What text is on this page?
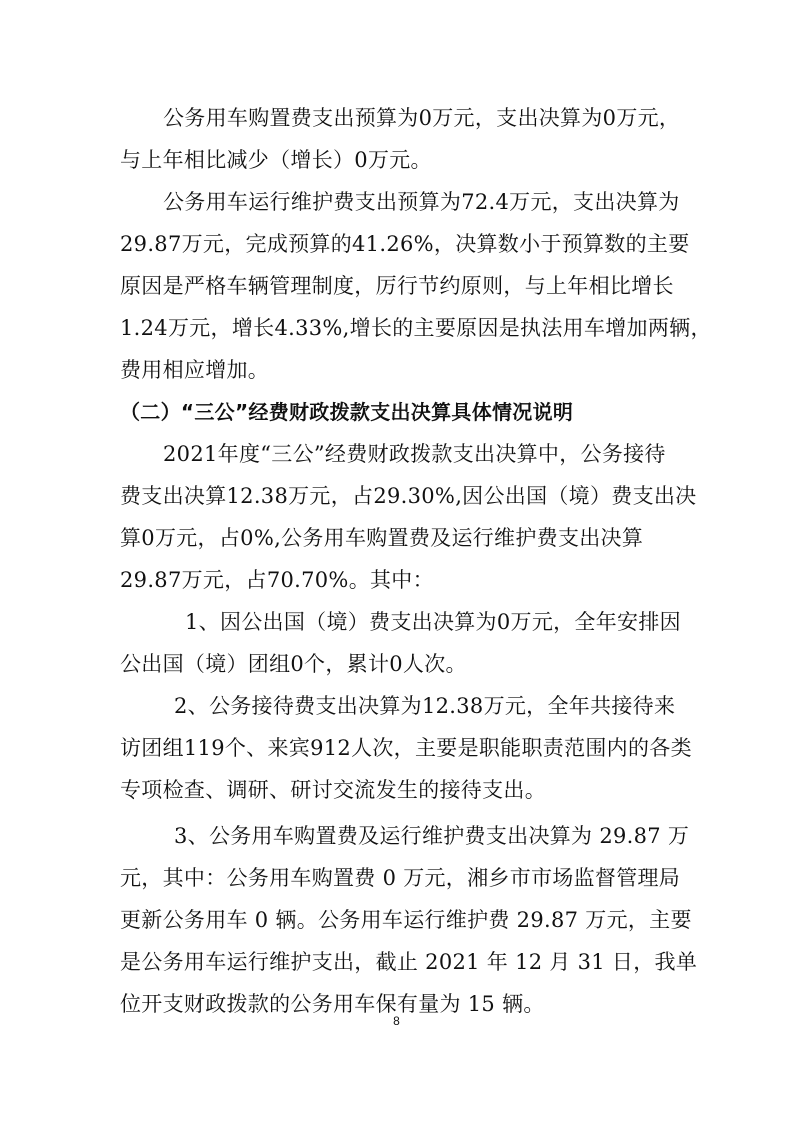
公务用车购置费支出预算为0万元，支出决算为0万元，
与上年相比减少（增长）0万元。
公务用车运行维护费支出预算为72.4万元，支出决算为
29.87万元，完成预算的41.26%，决算数小于预算数的主要
原因是严格车辆管理制度，厉行节约原则，与上年相比增长
1.24万元，增长4.33%,增长的主要原因是执法用车增加两辆，
费用相应增加。
（二）“三公”经费财政拨款支出决算具体情况说明
2021年度“三公”经费财政拨款支出决算中，公务接待
费支出决算12.38万元，占29.30%,因公出国（境）费支出决
算0万元，占0%,公务用车购置费及运行维护费支出决算
29.87万元，占70.70%。其中：
1、因公出国（境）费支出决算为0万元，全年安排因
公出国（境）团组0个，累计0人次。
2、公务接待费支出决算为12.38万元，全年共接待来
访团组119个、来宾912人次，主要是职能职责范围内的各类
专项检查、调研、研讨交流发生的接待支出。
3、公务用车购置费及运行维护费支出决算为 29.87 万
元，其中：公务用车购置费 0 万元，湘乡市市场监督管理局
更新公务用车 0 辆。公务用车运行维护费 29.87 万元，主要
是公务用车运行维护支出，截止 2021 年 12 月 31 日，我单
位开支财政拨款的公务用车保有量为 15 辆。
8
